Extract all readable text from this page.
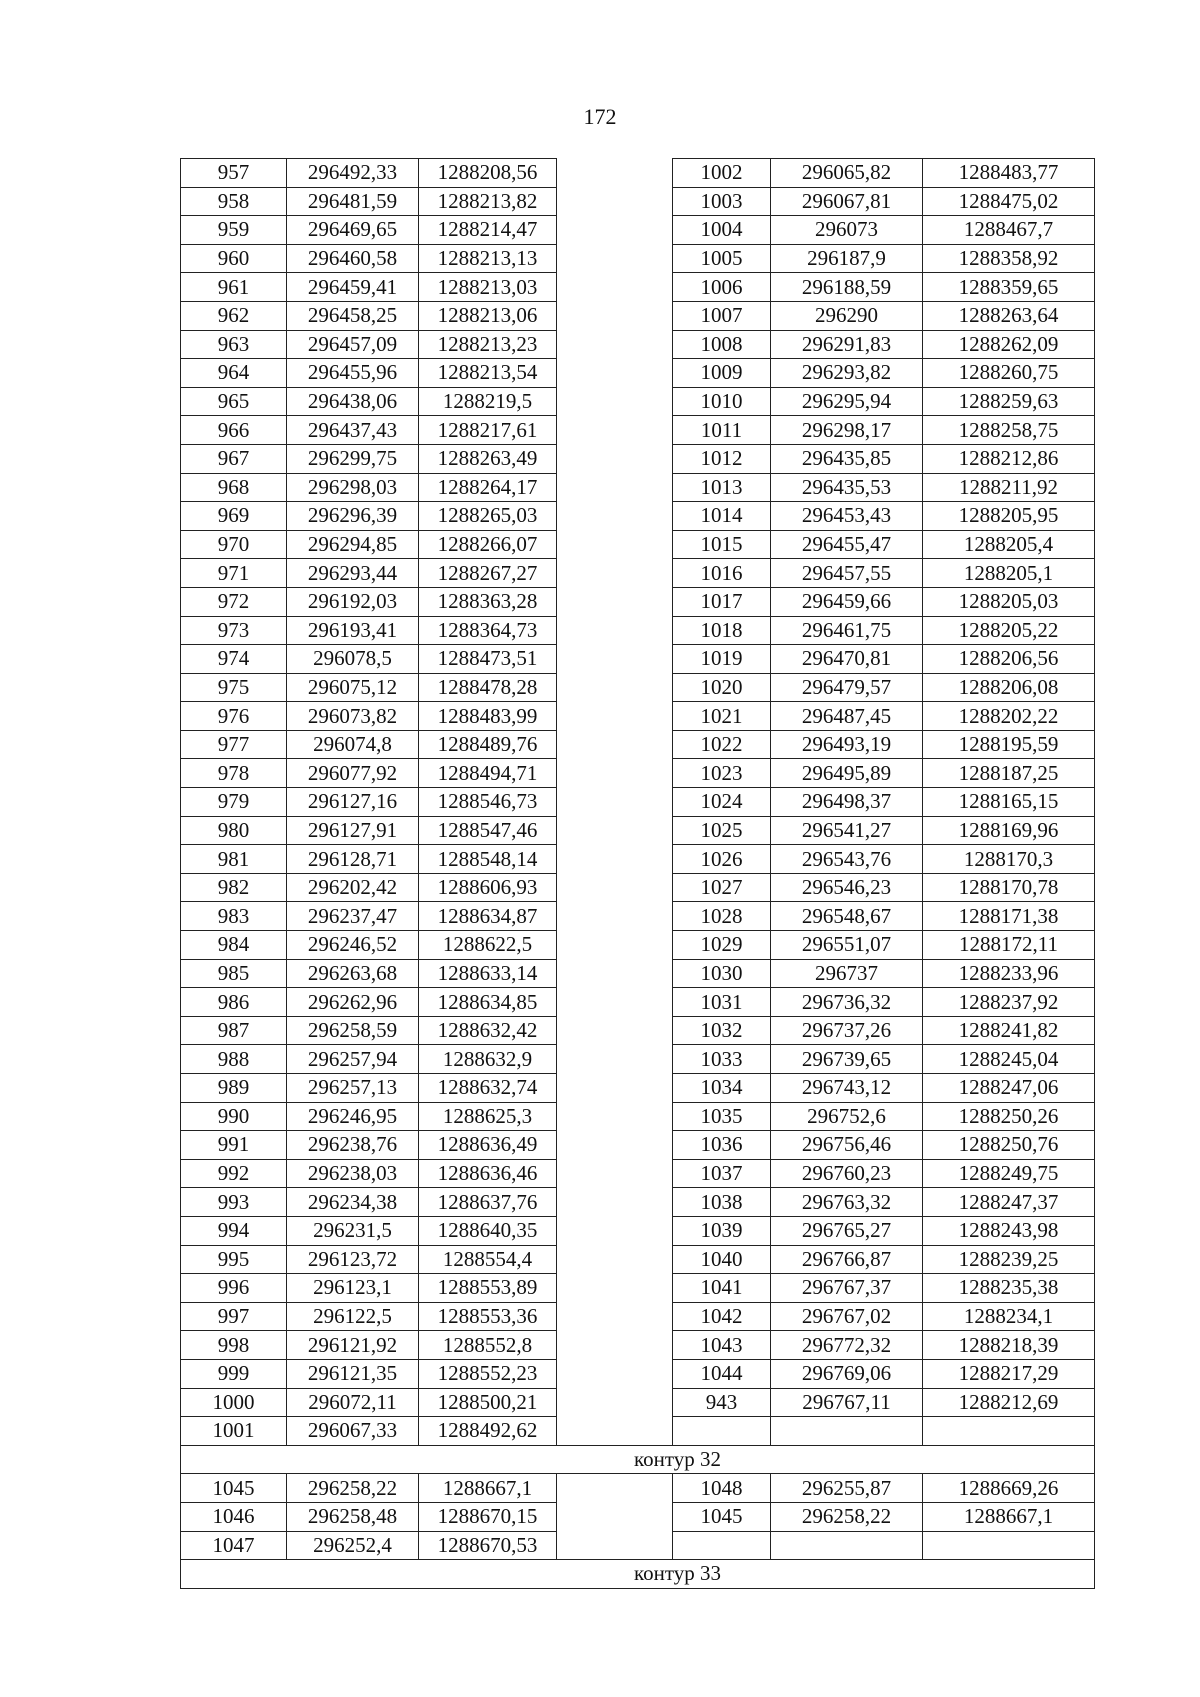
172
957	296492,33	1288208,56		1002	296065,82	1288483,77
958	296481,59	1288213,82		1003	296067,81	1288475,02
959	296469,65	1288214,47		1004	296073	1288467,7
960	296460,58	1288213,13		1005	296187,9	1288358,92
961	296459,41	1288213,03		1006	296188,59	1288359,65
962	296458,25	1288213,06		1007	296290	1288263,64
963	296457,09	1288213,23		1008	296291,83	1288262,09
964	296455,96	1288213,54		1009	296293,82	1288260,75
965	296438,06	1288219,5		1010	296295,94	1288259,63
966	296437,43	1288217,61		1011	296298,17	1288258,75
967	296299,75	1288263,49		1012	296435,85	1288212,86
968	296298,03	1288264,17		1013	296435,53	1288211,92
969	296296,39	1288265,03		1014	296453,43	1288205,95
970	296294,85	1288266,07		1015	296455,47	1288205,4
971	296293,44	1288267,27		1016	296457,55	1288205,1
972	296192,03	1288363,28		1017	296459,66	1288205,03
973	296193,41	1288364,73		1018	296461,75	1288205,22
974	296078,5	1288473,51		1019	296470,81	1288206,56
975	296075,12	1288478,28		1020	296479,57	1288206,08
976	296073,82	1288483,99		1021	296487,45	1288202,22
977	296074,8	1288489,76		1022	296493,19	1288195,59
978	296077,92	1288494,71		1023	296495,89	1288187,25
979	296127,16	1288546,73		1024	296498,37	1288165,15
980	296127,91	1288547,46		1025	296541,27	1288169,96
981	296128,71	1288548,14		1026	296543,76	1288170,3
982	296202,42	1288606,93		1027	296546,23	1288170,78
983	296237,47	1288634,87		1028	296548,67	1288171,38
984	296246,52	1288622,5		1029	296551,07	1288172,11
985	296263,68	1288633,14		1030	296737	1288233,96
986	296262,96	1288634,85		1031	296736,32	1288237,92
987	296258,59	1288632,42		1032	296737,26	1288241,82
988	296257,94	1288632,9		1033	296739,65	1288245,04
989	296257,13	1288632,74		1034	296743,12	1288247,06
990	296246,95	1288625,3		1035	296752,6	1288250,26
991	296238,76	1288636,49		1036	296756,46	1288250,76
992	296238,03	1288636,46		1037	296760,23	1288249,75
993	296234,38	1288637,76		1038	296763,32	1288247,37
994	296231,5	1288640,35		1039	296765,27	1288243,98
995	296123,72	1288554,4		1040	296766,87	1288239,25
996	296123,1	1288553,89		1041	296767,37	1288235,38
997	296122,5	1288553,36		1042	296767,02	1288234,1
998	296121,92	1288552,8		1043	296772,32	1288218,39
999	296121,35	1288552,23		1044	296769,06	1288217,29
1000	296072,11	1288500,21		943	296767,11	1288212,69
1001	296067,33	1288492,62				
контур 32						
1045	296258,22	1288667,1		1048	296255,87	1288669,26
1046	296258,48	1288670,15		1045	296258,22	1288667,1
1047	296252,4	1288670,53				
контур 33						
